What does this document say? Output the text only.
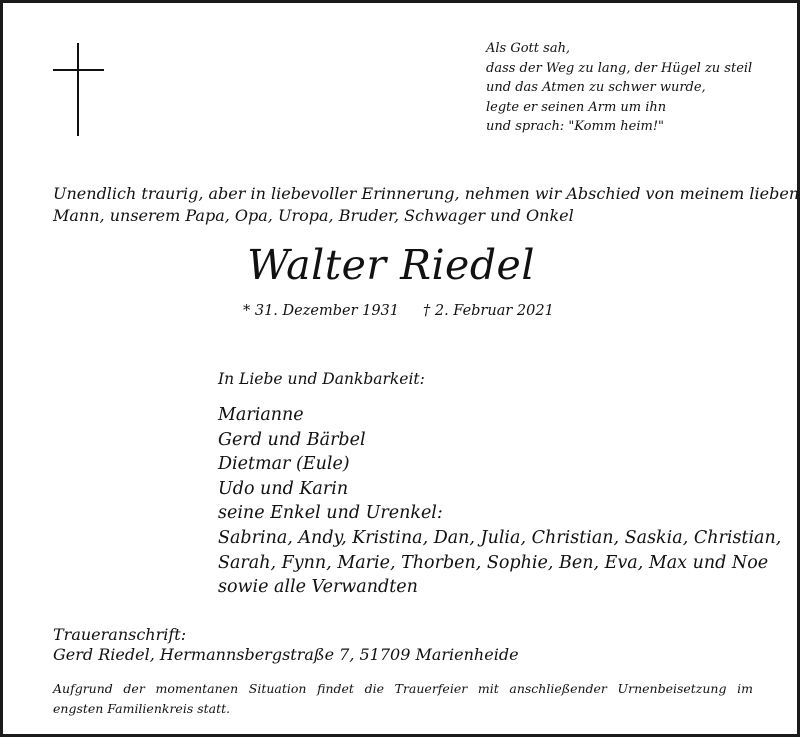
Als Gott sah,
dass der Weg zu lang, der Hügel zu steil
und das Atmen zu schwer wurde,
legte er seinen Arm um ihn
und sprach: "Komm heim!"
Unendlich traurig, aber in liebevoller Erinnerung, nehmen wir Abschied von meinem lieben
Mann, unserem Papa, Opa, Uropa, Bruder, Schwager und Onkel
Walter Riedel
* 31. Dezember 1931 † 2. Februar 2021
In Liebe und Dankbarkeit:
Marianne
Gerd und Bärbel
Dietmar (Eule)
Udo und Karin
seine Enkel und Urenkel:
Sabrina, Andy, Kristina, Dan, Julia, Christian, Saskia, Christian,
Sarah, Fynn, Marie, Thorben, Sophie, Ben, Eva, Max und Noe
sowie alle Verwandten
Traueranschrift:
Gerd Riedel, Hermannsbergstraße 7, 51709 Marienheide
Aufgrund der momentanen Situation findet die Trauerfeier mit anschließender Urnenbeisetzung im
engsten Familienkreis statt.
